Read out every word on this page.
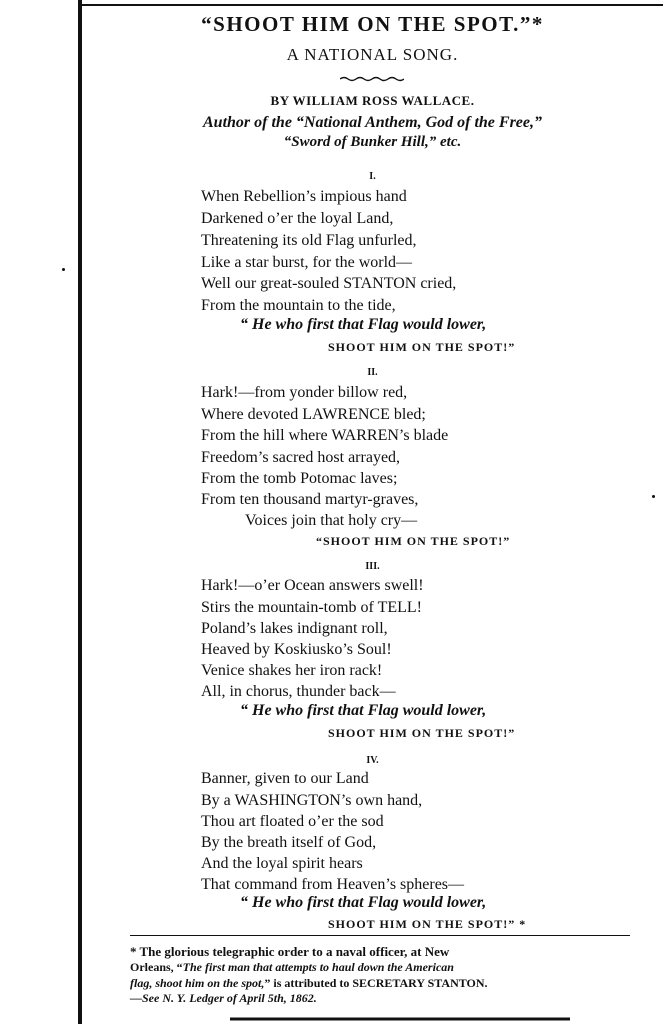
“SHOOT HIM ON THE SPOT.”*
A NATIONAL SONG.
BY WILLIAM ROSS WALLACE.
Author of the “National Anthem, God of the Free,”
“Sword of Bunker Hill,” etc.
I.
When Rebellion’s impious hand
Darkened o’er the loyal Land,
Threatening its old Flag unfurled,
Like a star burst, for the world—
Well our great-souled STANTON cried,
From the mountain to the tide,
“ He who first that Flag would lower,
SHOOT HIM ON THE SPOT!”
II.
Hark!—from yonder billow red,
Where devoted LAWRENCE bled;
From the hill where WARREN’s blade
Freedom’s sacred host arrayed,
From the tomb Potomac laves;
From ten thousand martyr-graves,
Voices join that holy cry—
“SHOOT HIM ON THE SPOT!”
III.
Hark!—o’er Ocean answers swell!
Stirs the mountain-tomb of TELL!
Poland’s lakes indignant roll,
Heaved by Koskiusko’s Soul!
Venice shakes her iron rack!
All, in chorus, thunder back—
“ He who first that Flag would lower,
SHOOT HIM ON THE SPOT!”
IV.
Banner, given to our Land
By a WASHINGTON’s own hand,
Thou art floated o’er the sod
By the breath itself of God,
And the loyal spirit hears
That command from Heaven’s spheres—
“ He who first that Flag would lower,
SHOOT HIM ON THE SPOT!” *
* The glorious telegraphic order to a naval officer, at New
Orleans, “The first man that attempts to haul down the American
flag, shoot him on the spot,” is attributed to SECRETARY STANTON.
—See N. Y. Ledger of April 5th, 1862.
